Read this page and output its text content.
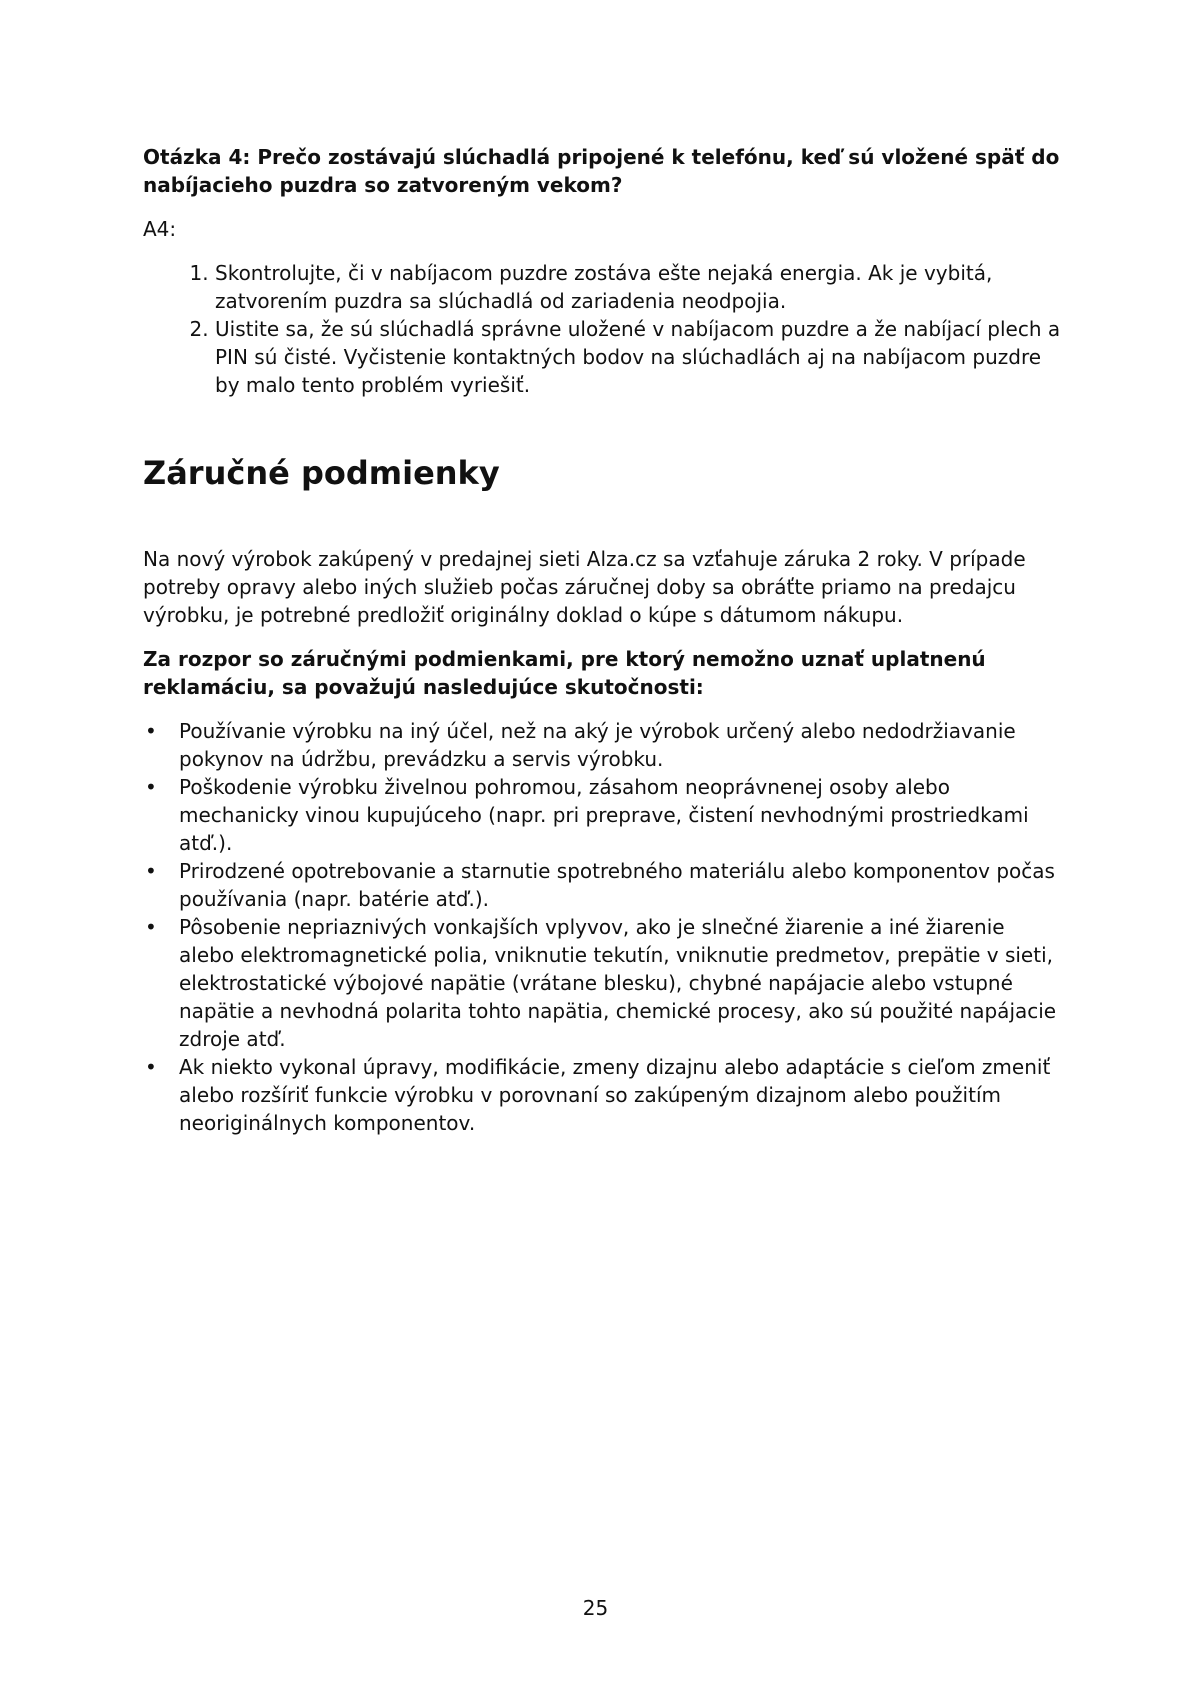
Otázka 4: Prečo zostávajú slúchadlá pripojené k telefónu, keď sú vložené späť do nabíjacieho puzdra so zatvoreným vekom?

A4:

1. Skontrolujte, či v nabíjacom puzdre zostáva ešte nejaká energia. Ak je vybitá, zatvorením puzdra sa slúchadlá od zariadenia neodpojia.
2. Uistite sa, že sú slúchadlá správne uložené v nabíjacom puzdre a že nabíjací plech a PIN sú čisté. Vyčistenie kontaktných bodov na slúchadlách aj na nabíjacom puzdre by malo tento problém vyriešiť.
Záručné podmienky

Na nový výrobok zakúpený v predajnej sieti Alza.cz sa vzťahuje záruka 2 roky. V prípade potreby opravy alebo iných služieb počas záručnej doby sa obráťte priamo na predajcu výrobku, je potrebné predložiť originálny doklad o kúpe s dátumom nákupu.

Za rozpor so záručnými podmienkami, pre ktorý nemožno uznať uplatnenú reklamáciu, sa považujú nasledujúce skutočnosti:

•	Používanie výrobku na iný účel, než na aký je výrobok určený alebo nedodržiavanie pokynov na údržbu, prevádzku a servis výrobku.
•	Poškodenie výrobku živelnou pohromou, zásahom neoprávnenej osoby alebo mechanicky vinou kupujúceho (napr. pri preprave, čistení nevhodnými prostriedkami atď.).
•	Prirodzené opotrebovanie a starnutie spotrebného materiálu alebo komponentov počas používania (napr. batérie atď.).
•	Pôsobenie nepriaznivých vonkajších vplyvov, ako je slnečné žiarenie a iné žiarenie alebo elektromagnetické polia, vniknutie tekutín, vniknutie predmetov, prepätie v sieti, elektrostatické výbojové napätie (vrátane blesku), chybné napájacie alebo vstupné napätie a nevhodná polarita tohto napätia, chemické procesy, ako sú použité napájacie zdroje atď.
•	Ak niekto vykonal úpravy, modifikácie, zmeny dizajnu alebo adaptácie s cieľom zmeniť alebo rozšíriť funkcie výrobku v porovnaní so zakúpeným dizajnom alebo použitím neoriginálnych komponentov.
25
